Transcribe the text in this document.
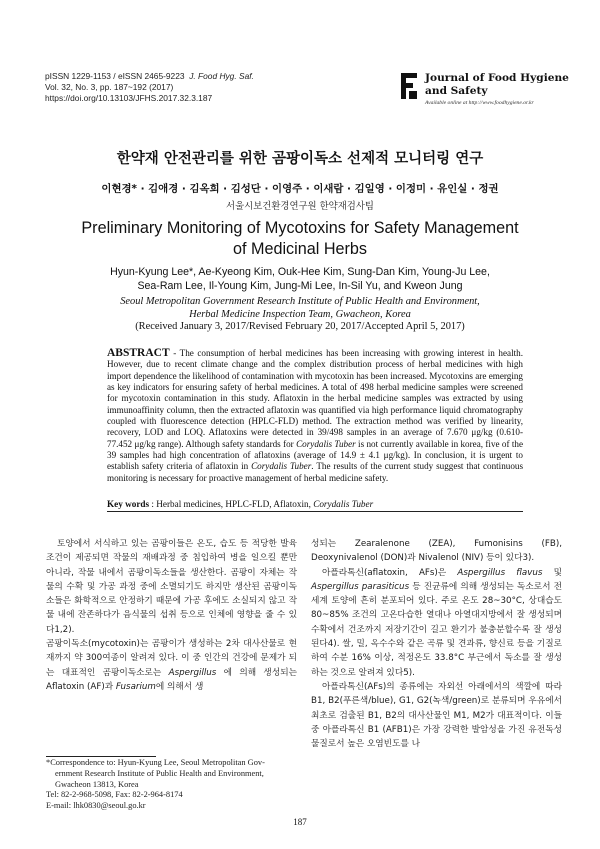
pISSN 1229-1153 / eISSN 2465-9223 J. Food Hyg. Saf.
Vol. 32, No. 3, pp. 187~192 (2017)
https://doi.org/10.13103/JFHS.2017.32.3.187
Journal of Food Hygiene
and Safety
Available online at http://www.foodhygiene.or.kr
한약재 안전관리를 위한 곰팡이독소 선제적 모니터링 연구
이현경* · 김애경 · 김옥희 · 김성단 · 이영주 · 이새람 · 김일영 · 이정미 · 유인실 · 정권
서울시보건환경연구원 한약재검사팀
Preliminary Monitoring of Mycotoxins for Safety Management
of Medicinal Herbs
Hyun-Kyung Lee*, Ae-Kyeong Kim, Ouk-Hee Kim, Sung-Dan Kim, Young-Ju Lee,
Sea-Ram Lee, Il-Young Kim, Jung-Mi Lee, In-Sil Yu, and Kweon Jung
Seoul Metropolitan Government Research Institute of Public Health and Environment,
Herbal Medicine Inspection Team, Gwacheon, Korea
(Received January 3, 2017/Revised February 20, 2017/Accepted April 5, 2017)
ABSTRACT - The consumption of herbal medicines has been increasing with growing interest in health. However, due to recent climate change and the complex distribution process of herbal medicines with high import dependence the likelihood of contamination with mycotoxin has been increased. Mycotoxins are emerging as key indicators for ensuring safety of herbal medicines. A total of 498 herbal medicine samples were screened for mycotoxin contamination in this study. Aflatoxin in the herbal medicine samples was extracted by using immunoaffinity column, then the extracted aflatoxin was quantified via high performance liquid chromatography coupled with fluorescence detection (HPLC-FLD) method. The extraction method was verified by linearity, recovery, LOD and LOQ. Aflatoxins were detected in 39/498 samples in an average of 7.670 μg/kg (0.610-77.452 μg/kg range). Although safety standards for Corydalis Tuber is not currently available in korea, five of the 39 samples had high concentration of aflatoxins (average of 14.9 ± 4.1 μg/kg). In conclusion, it is urgent to establish safety criteria of aflatoxin in Corydalis Tuber. The results of the current study suggest that continuous monitoring is necessary for proactive management of herbal medicine safety.
Key words : Herbal medicines, HPLC-FLD, Aflatoxin, Corydalis Tuber

토양에서 서식하고 있는 곰팡이들은 온도, 습도 등 적당한 발육 조건이 제공되면 작물의 재배과정 중 침입하여 병을 일으킬 뿐만 아니라, 작물 내에서 곰팡이독소들을 생산한다. 곰팡이 자체는 작물의 수확 및 가공 과정 중에 소멸되기도 하지만 생산된 곰팡이독소들은 화학적으로 안정하기 때문에 가공 후에도 소실되지 않고 작물 내에 잔존하다가 음식물의 섭취 등으로 인체에 영향을 줄 수 있다1,2).

곰팡이독소(mycotoxin)는 곰팡이가 생성하는 2차 대사산물로 현재까지 약 300여종이 알려져 있다. 이 중 인간의 건강에 문제가 되는 대표적인 곰팡이독소로는 Aspergillus 에 의해 생성되는 Aflatoxin (AF)과 Fusarium에 의해서 생

성되는 Zearalenone (ZEA), Fumonisins (FB), Deoxynivalenol (DON)과 Nivalenol (NIV) 등이 있다3).

아플라톡신(aflatoxin, AFs)은 Aspergillus flavus 및 Aspergillus parasiticus 등 진균류에 의해 생성되는 독소로서 전 세계 토양에 흔히 분포되어 있다. 주로 온도 28~30°C, 상대습도 80~85% 조건의 고온다습한 열대나 아열대지방에서 잘 생성되며 수확에서 건조까지 저장기간이 길고 환기가 불충분할수록 잘 생성된다4). 쌀, 밀, 옥수수와 같은 곡류 및 견과류, 향신료 등을 기질로 하여 수분 16% 이상, 적정온도 33.8°C 부근에서 독소를 잘 생성하는 것으로 알려져 있다5).

아플라톡신(AFs)의 종류에는 자외선 아래에서의 색깔에 따라 B1, B2(푸른색/blue), G1, G2(녹색/green)로 분류되며 우유에서 최초로 검출된 B1, B2의 대사산물인 M1, M2가 대표적이다. 이들 중 아플라톡신 B1 (AFB1)은 가장 강력한 발암성을 가진 유전독성물질로서 높은 오염빈도를 나

*Correspondence to: Hyun-Kyung Lee, Seoul Metropolitan Gov-
ernment Research Institute of Public Health and Environment,
Gwacheon 13813, Korea
Tel: 82-2-968-5098, Fax: 82-2-964-8174
E-mail: lhk0830@seoul.go.kr
187
